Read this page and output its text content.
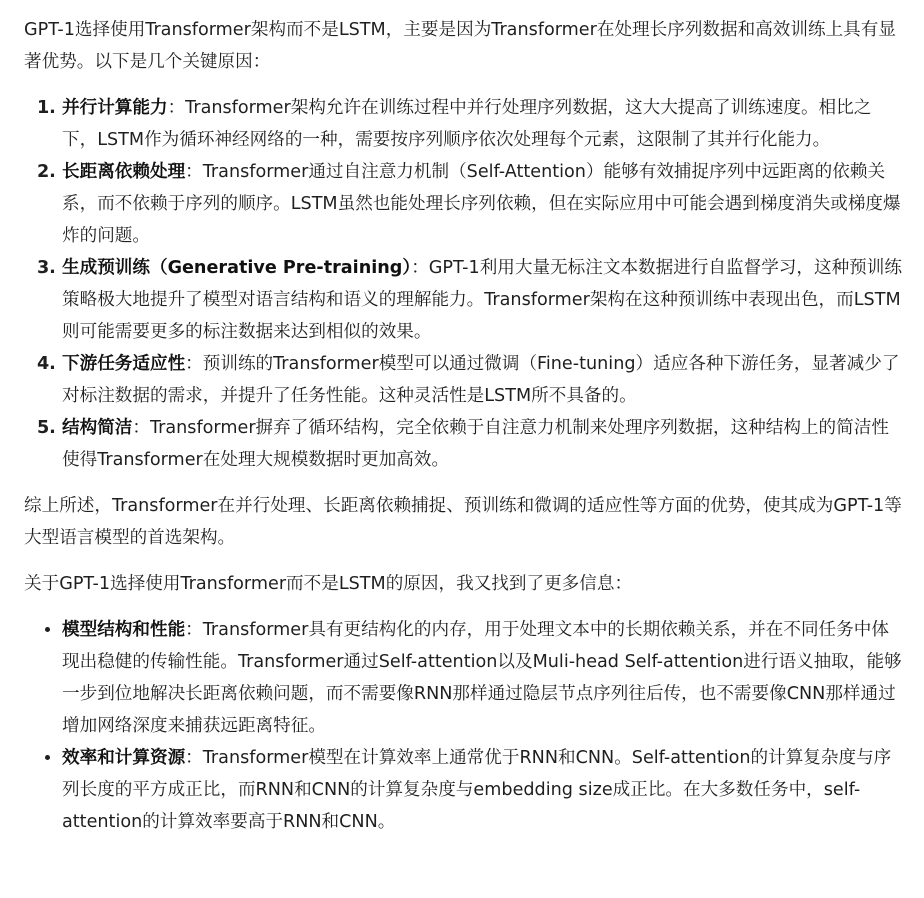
GPT-1选择使用Transformer架构而不是LSTM，主要是因为Transformer在处理长序列数据和高效训练上具有显著优势。以下是几个关键原因：

1. 并行计算能力：Transformer架构允许在训练过程中并行处理序列数据，这大大提高了训练速度。相比之下，LSTM作为循环神经网络的一种，需要按序列顺序依次处理每个元素，这限制了其并行化能力。
2. 长距离依赖处理：Transformer通过自注意力机制（Self-Attention）能够有效捕捉序列中远距离的依赖关系，而不依赖于序列的顺序。LSTM虽然也能处理长序列依赖，但在实际应用中可能会遇到梯度消失或梯度爆炸的问题。
3. 生成预训练（Generative Pre-training）：GPT-1利用大量无标注文本数据进行自监督学习，这种预训练策略极大地提升了模型对语言结构和语义的理解能力。Transformer架构在这种预训练中表现出色，而LSTM则可能需要更多的标注数据来达到相似的效果。
4. 下游任务适应性：预训练的Transformer模型可以通过微调（Fine-tuning）适应各种下游任务，显著减少了对标注数据的需求，并提升了任务性能。这种灵活性是LSTM所不具备的。
5. 结构简洁：Transformer摒弃了循环结构，完全依赖于自注意力机制来处理序列数据，这种结构上的简洁性使得Transformer在处理大规模数据时更加高效。

综上所述，Transformer在并行处理、长距离依赖捕捉、预训练和微调的适应性等方面的优势，使其成为GPT-1等大型语言模型的首选架构。

关于GPT-1选择使用Transformer而不是LSTM的原因，我又找到了更多信息：

• 模型结构和性能：Transformer具有更结构化的内存，用于处理文本中的长期依赖关系，并在不同任务中体现出稳健的传输性能。Transformer通过Self-attention以及Muli-head Self-attention进行语义抽取，能够一步到位地解决长距离依赖问题，而不需要像RNN那样通过隐层节点序列往后传，也不需要像CNN那样通过增加网络深度来捕获远距离特征。
• 效率和计算资源：Transformer模型在计算效率上通常优于RNN和CNN。Self-attention的计算复杂度与序列长度的平方成正比，而RNN和CNN的计算复杂度与embedding size成正比。在大多数任务中，self-attention的计算效率要高于RNN和CNN。
